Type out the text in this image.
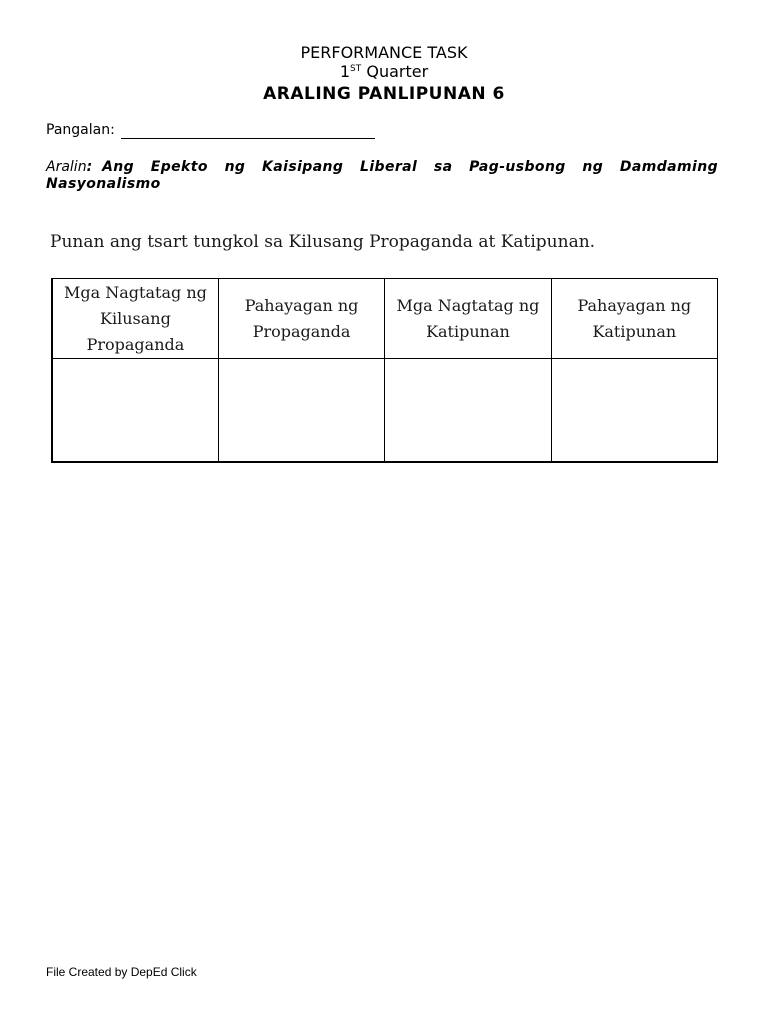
PERFORMANCE TASK
1ST Quarter
ARALING PANLIPUNAN 6
Pangalan:
Aralin: Ang Epekto ng Kaisipang Liberal sa Pag-usbong ng Damdaming Nasyonalismo
Punan ang tsart tungkol sa Kilusang Propaganda at Katipunan.
Mga Nagtatag ng Kilusang Propaganda	Pahayagan ng Propaganda	Mga Nagtatag ng Katipunan	Pahayagan ng Katipunan

File Created by DepEd Click
